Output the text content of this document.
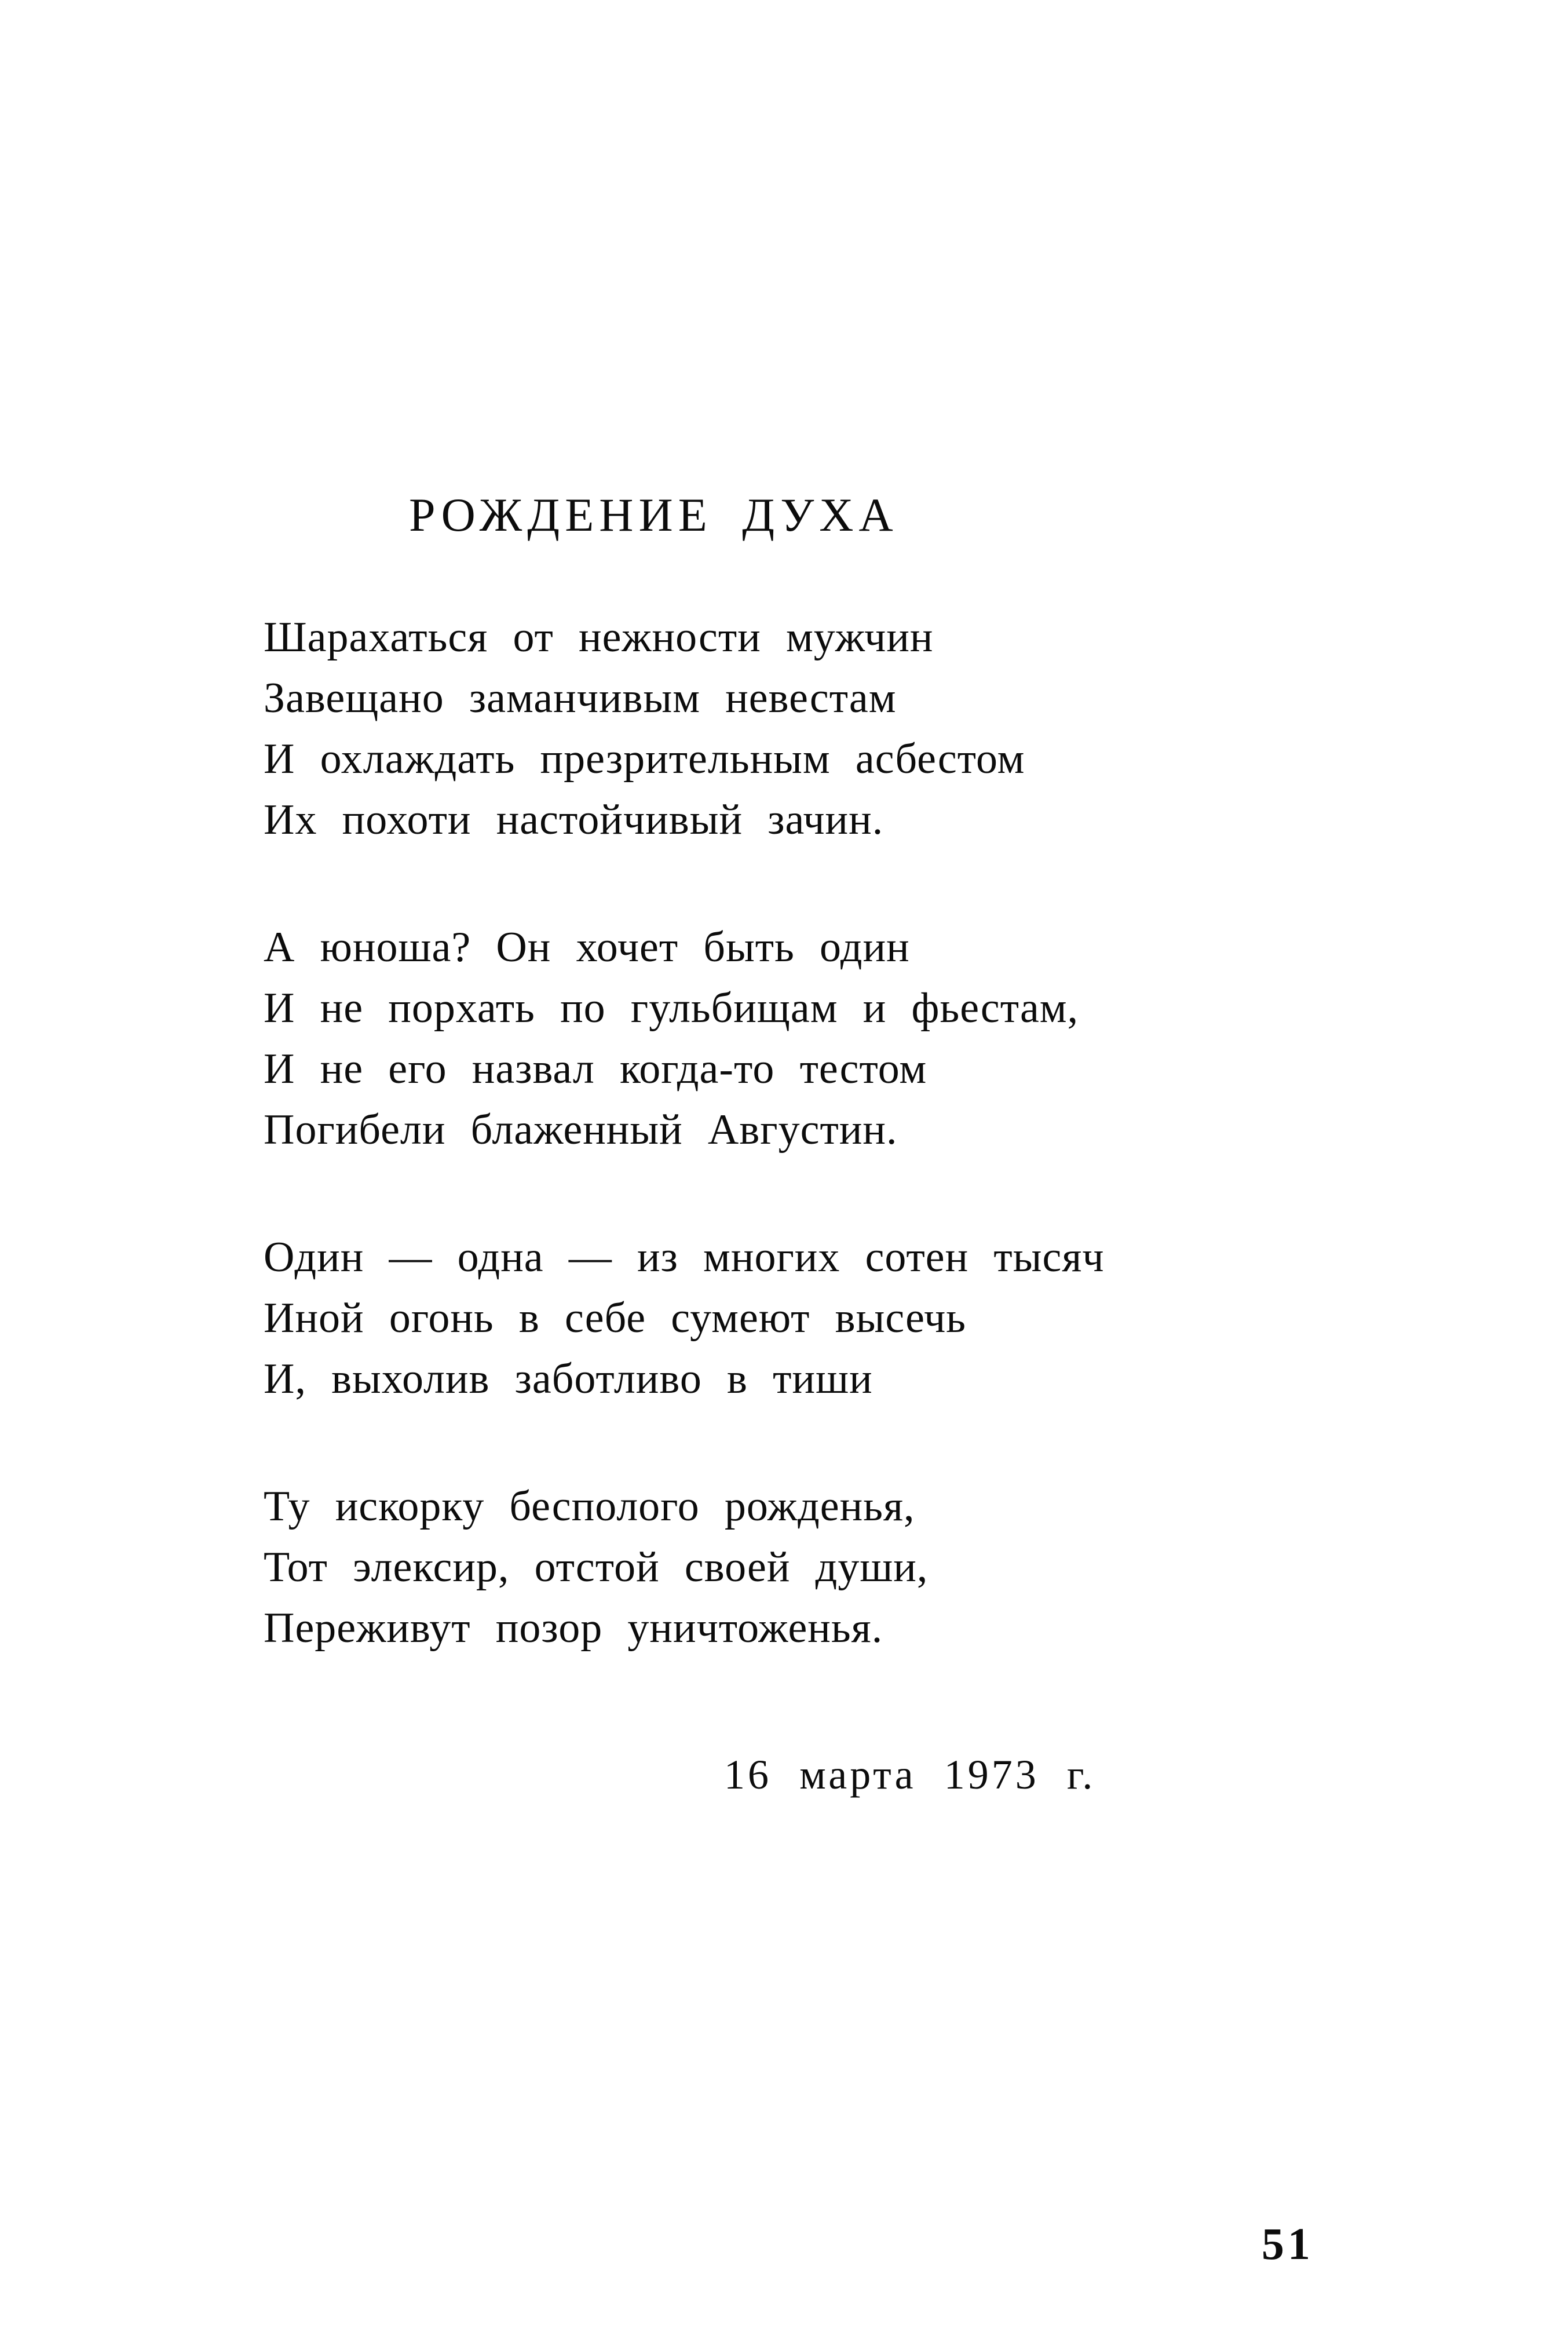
РОЖДЕНИЕ ДУХА

Шарахаться от нежности мужчин

Завещано заманчивым невестам

И охлаждать презрительным асбестом

Их похоти настойчивый зачин.

А юноша? Он хочет быть один

И не порхать по гульбищам и фьестам,

И не его назвал когда-то тестом

Погибели блаженный Августин.

Один — одна — из многих сотен тысяч

Иной огонь в себе сумеют высечь

И, выхолив заботливо в тиши

Ту искорку бесполого рожденья,

Тот элексир, отстой своей души,

Переживут позор уничтоженья.

16 марта 1973 г.

51
